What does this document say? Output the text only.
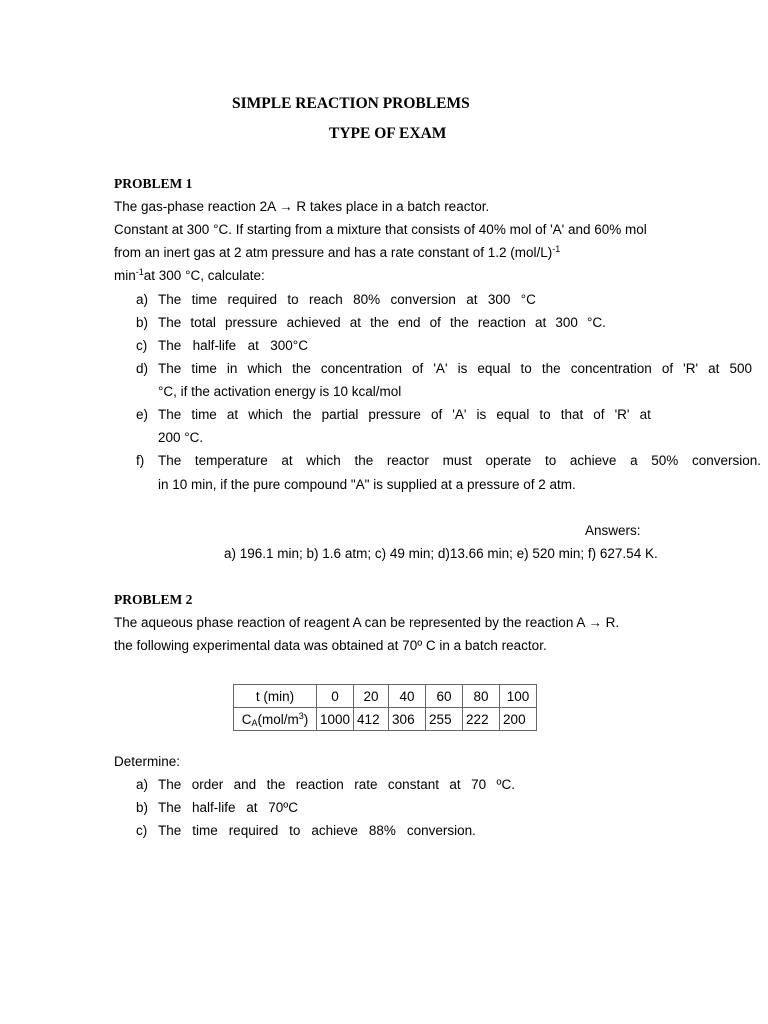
SIMPLE REACTION PROBLEMS
TYPE OF EXAM
PROBLEM 1
The gas-phase reaction 2A → R takes place in a batch reactor.
Constant at 300 °C. If starting from a mixture that consists of 40% mol of 'A' and 60% mol
from an inert gas at 2 atm pressure and has a rate constant of 1.2 $(mol/L)^{-1}$
$\min^{-1}at$ 300 °C, calculate:
a) The time required to reach 80% conversion at 300 °C
b) The total pressure achieved at the end of the reaction at 300 °C.
c) The half-life at 300°C
d) The time in which the concentration of 'A' is equal to the concentration of 'R' at 500
°C, if the activation energy is 10 kcal/mol
e) The time at which the partial pressure of 'A' is equal to that of 'R' at
200 °C.
f) The temperature at which the reactor must operate to achieve a 50% conversion.
in 10 min, if the pure compound "A" is supplied at a pressure of 2 atm.
Answers:
a) 196.1 min; b) 1.6 atm; c) 49 min; d)13.66 min; e) 520 min; f) 627.54 K.
PROBLEM 2
The aqueous phase reaction of reagent A can be represented by the reaction A → R.
the following experimental data was obtained at 70º C in a batch reactor.
t (min)	0	20	40	60	80	100
$C_A(mol/m^3)$	1000	412	306	255	222	200
Determine:
a) The order and the reaction rate constant at 70 ºC.
b) The half-life at 70ºC
c) The time required to achieve 88% conversion.
